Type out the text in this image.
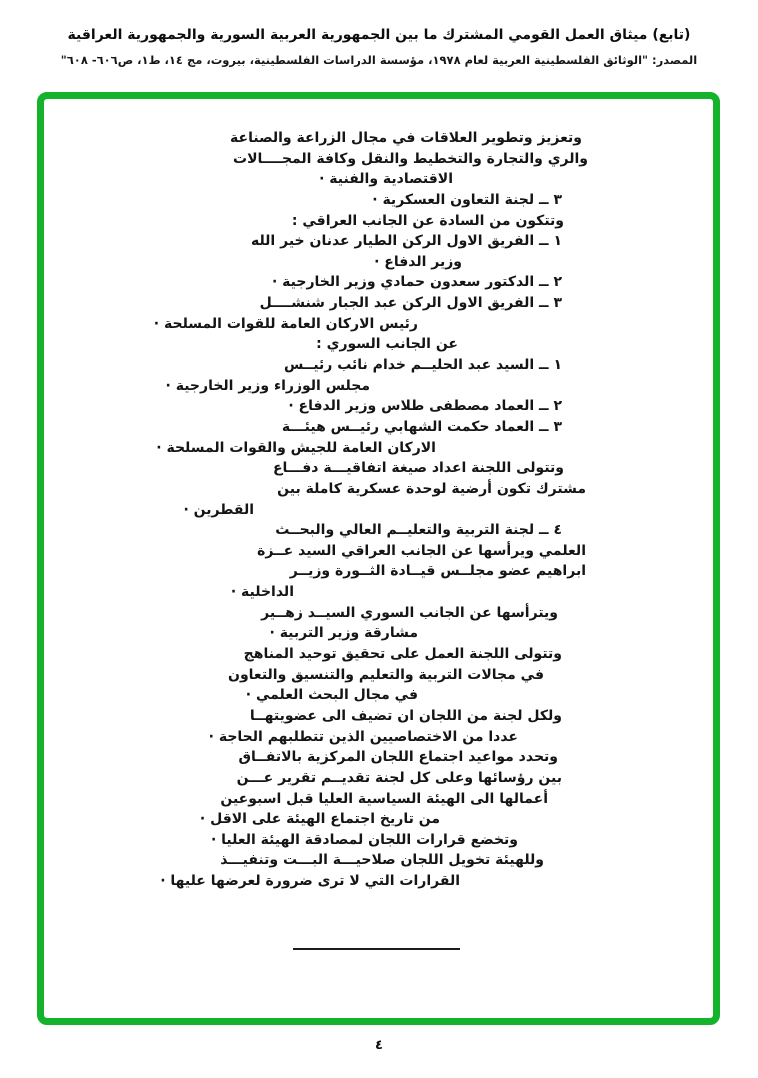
(تابع) ميثاق العمل القومي المشترك ما بين الجمهورية العربية السورية والجمهورية العراقية
المصدر: "الوثائق الفلسطينية العربية لعام ١٩٧٨، مؤسسة الدراسات الفلسطينية، بيروت، مج ١٤، ط١، ص٦٠٦- ٦٠٨"
وتعزيز وتطوير العلاقات في مجال الزراعة والصناعة
والري والتجارة والتخطيط والنقل وكافة المجــــالات
الاقتصادية والفنية ·
٣ ــ لجنة التعاون العسكرية ·
وتتكون من السادة عن الجانب العراقي :
١ ــ الفريق الاول الركن الطيار عدنان خير الله
وزير الدفاع ·
٢ ــ الدكتور سعدون حمادي وزير الخارجية ·
٣ ــ الفريق الاول الركن عبد الجبار شنشــــل
رئيس الاركان العامة للقوات المسلحة ·
عن الجانب السوري :
١ ــ السيد عبد الحليــم خدام نائب رئيــس
مجلس الوزراء وزير الخارجية ·
٢ ــ العماد مصطفى طلاس وزير الدفاع ·
٣ ــ العماد حكمت الشهابي رئيــس هيئـــة
الاركان العامة للجيش والقوات المسلحة ·
وتتولى اللجنة اعداد صيغة اتفاقيـــة دفـــاع
مشترك تكون أرضية لوحدة عسكرية كاملة بين
القطرين ·
٤ ــ لجنة التربية والتعليــم العالي والبحــث
العلمي ويرأسها عن الجانب العراقي السيد عــزة
ابراهيم عضو مجلــس قيــادة الثــورة وزيــر
الداخلية ·
ويترأسها عن الجانب السوري السيــد زهــير
مشارقة وزير التربية ·
وتتولى اللجنة العمل على تحقيق توحيد المناهج
في مجالات التربية والتعليم والتنسيق والتعاون
في مجال البحث العلمي ·
ولكل لجنة من اللجان ان تضيف الى عضويتهــا
عددا من الاختصاصيين الذين تتطلبهم الحاجة ·
وتحدد مواعيد اجتماع اللجان المركزية بالاتفــاق
بين رؤسائها وعلى كل لجنة تقديــم تقرير عـــن
أعمالها الى الهيئة السياسية العليا قبل اسبوعين
من تاريخ اجتماع الهيئة على الاقل ·
وتخضع قرارات اللجان لمصادقة الهيئة العليا ·
وللهيئة تخويل اللجان صلاحيـــة البـــت وتنفيـــذ
القرارات التي لا ترى ضرورة لعرضها عليها ·
٤
